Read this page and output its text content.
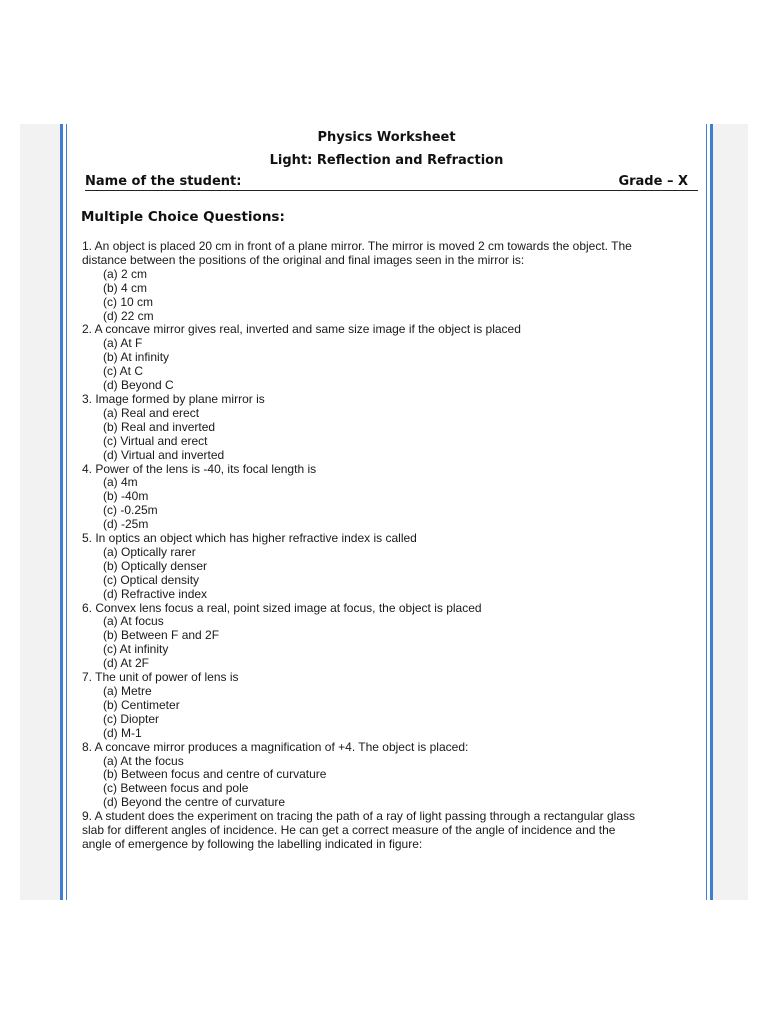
Physics Worksheet
Light: Reflection and Refraction
Name of the student:	Grade – X
Multiple Choice Questions:

1. An object is placed 20 cm in front of a plane mirror. The mirror is moved 2 cm towards the object. The

distance between the positions of the original and final images seen in the mirror is:

(a) 2 cm

(b) 4 cm

(c) 10 cm

(d) 22 cm

2. A concave mirror gives real, inverted and same size image if the object is placed

(a) At F

(b) At infinity

(c) At C

(d) Beyond C

3. Image formed by plane mirror is

(a) Real and erect

(b) Real and inverted

(c) Virtual and erect

(d) Virtual and inverted

4. Power of the lens is -40, its focal length is

(a) 4m

(b) -40m

(c) -0.25m

(d) -25m

5. In optics an object which has higher refractive index is called

(a) Optically rarer

(b) Optically denser

(c) Optical density

(d) Refractive index

6. Convex lens focus a real, point sized image at focus, the object is placed

(a) At focus

(b) Between F and 2F

(c) At infinity

(d) At 2F

7. The unit of power of lens is

(a) Metre

(b) Centimeter

(c) Diopter

(d) M-1

8. A concave mirror produces a magnification of +4. The object is placed:

(a) At the focus

(b) Between focus and centre of curvature

(c) Between focus and pole

(d) Beyond the centre of curvature

9. A student does the experiment on tracing the path of a ray of light passing through a rectangular glass

slab for different angles of incidence. He can get a correct measure of the angle of incidence and the

angle of emergence by following the labelling indicated in figure:
